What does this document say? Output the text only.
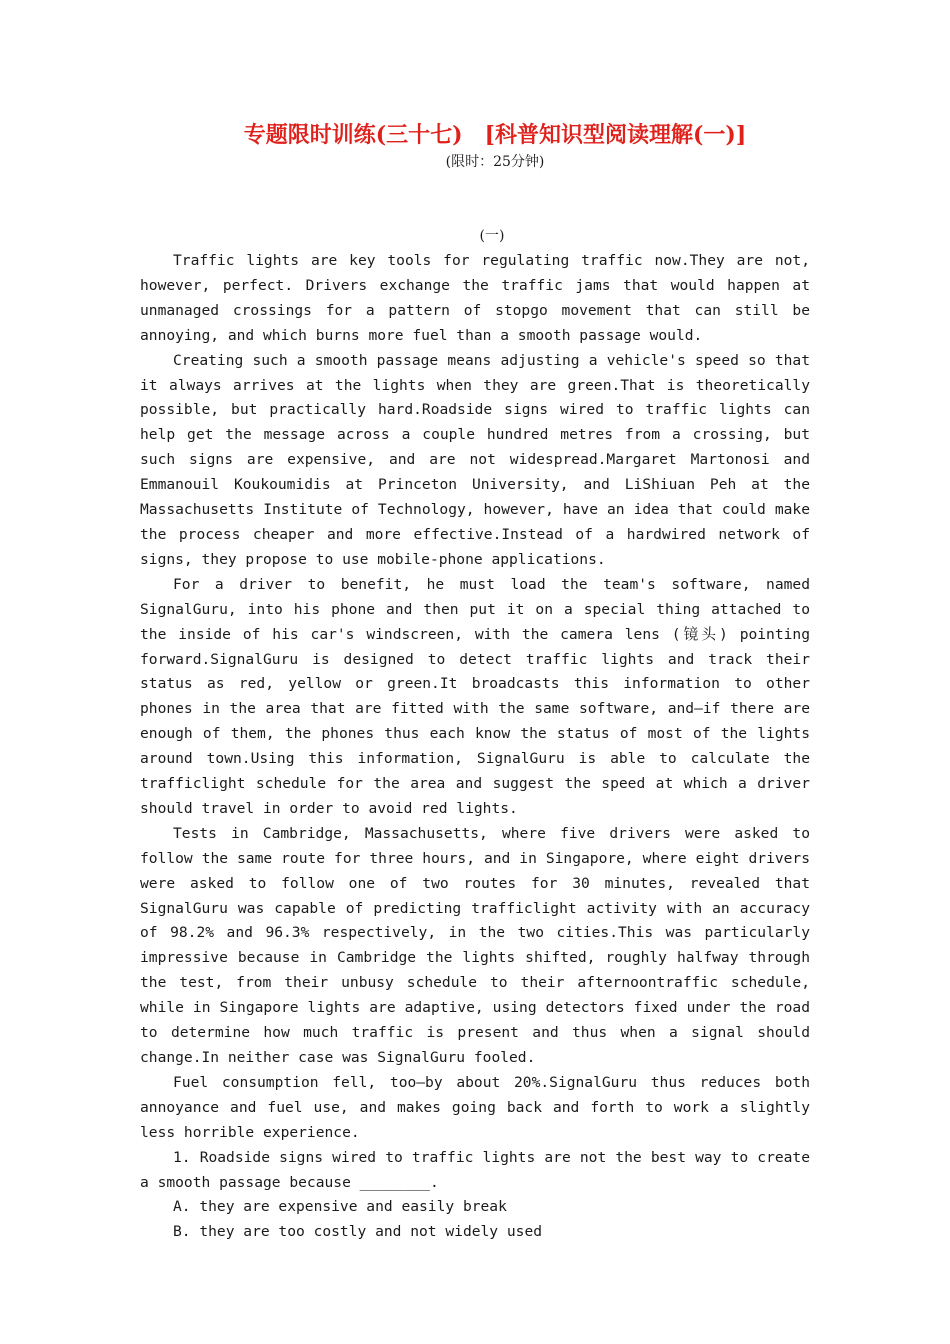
专题限时训练(三十七)　[科普知识型阅读理解(一)]
(限时：25分钟)
(一)

Traffic lights are key tools for regulating traffic now.They are not, however, perfect. Drivers exchange the traffic jams that would happen at unmanaged crossings for a pattern of stopgo movement that can still be annoying, and which burns more fuel than a smooth passage would.

Creating such a smooth passage means adjusting a vehicle's speed so that it always arrives at the lights when they are green.That is theoretically possible, but practically hard.Roadside signs wired to traffic lights can help get the message across a couple hundred metres from a crossing, but such signs are expensive, and are not widespread.Margaret Martonosi and Emmanouil Koukoumidis at Princeton University, and LiShiuan Peh at the Massachusetts Institute of Technology, however, have an idea that could make the process cheaper and more effective.Instead of a hardwired network of signs, they propose to use mobile-phone applications.

For a driver to benefit, he must load the team's software, named SignalGuru, into his phone and then put it on a special thing attached to the inside of his car's windscreen, with the camera lens (镜头) pointing forward.SignalGuru is designed to detect traffic lights and track their status as red, yellow or green.It broadcasts this information to other phones in the area that are fitted with the same software, and—if there are enough of them, the phones thus each know the status of most of the lights around town.Using this information, SignalGuru is able to calculate the trafficlight schedule for the area and suggest the speed at which a driver should travel in order to avoid red lights.

Tests in Cambridge, Massachusetts, where five drivers were asked to follow the same route for three hours, and in Singapore, where eight drivers were asked to follow one of two routes for 30 minutes, revealed that SignalGuru was capable of predicting trafficlight activity with an accuracy of 98.2% and 96.3% respectively, in the two cities.This was particularly impressive because in Cambridge the lights shifted, roughly halfway through the test, from their unbusy schedule to their afternoontraffic schedule, while in Singapore lights are adaptive, using detectors fixed under the road to determine how much traffic is present and thus when a signal should change.In neither case was SignalGuru fooled.

Fuel consumption fell, too—by about 20%.SignalGuru thus reduces both annoyance and fuel use, and makes going back and forth to work a slightly less horrible experience.

1. Roadside signs wired to traffic lights are not the best way to create a smooth passage because ________.

A. they are expensive and easily break

B. they are too costly and not widely used
